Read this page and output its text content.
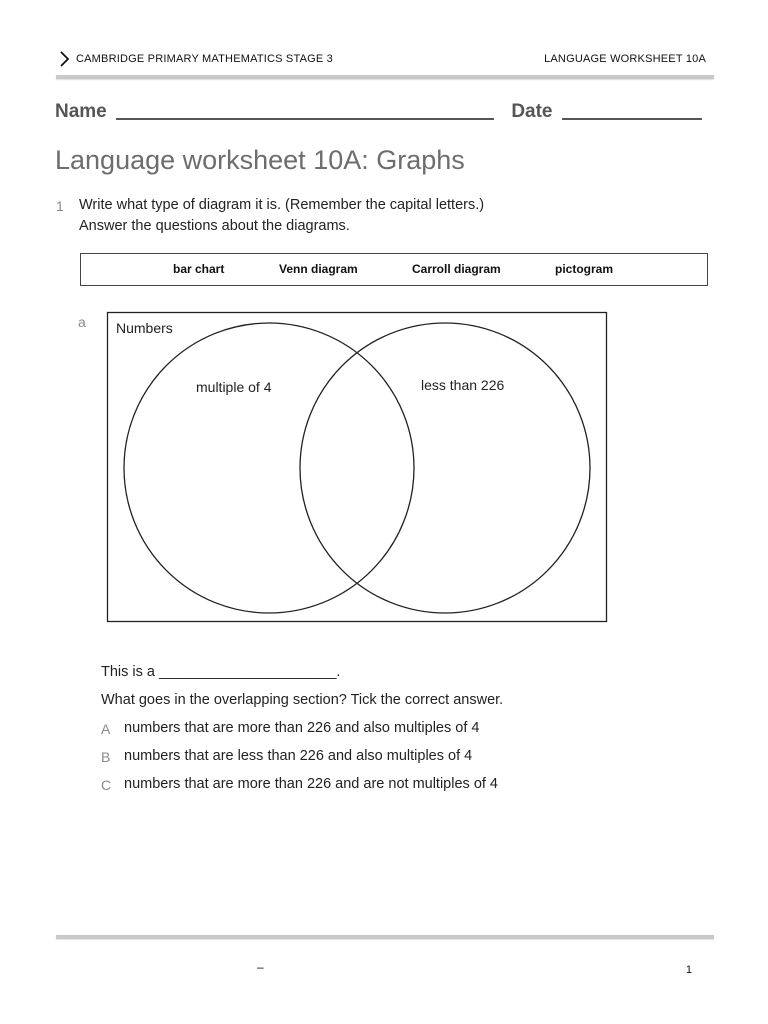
CAMBRIDGE PRIMARY MATHEMATICS STAGE 3	LANGUAGE WORKSHEET 10A
Name	Date
Language worksheet 10A: Graphs
1 Write what type of diagram it is. (Remember the capital letters.)
Answer the questions about the diagrams.
bar chart	Venn diagram	Carroll diagram	pictogram
a Numbers
multiple of 4	less than 226
This is a ______________________.
What goes in the overlapping section? Tick the correct answer.
A numbers that are more than 226 and also multiples of 4
B numbers that are less than 226 and also multiples of 4
C numbers that are more than 226 and are not multiples of 4
–	1
